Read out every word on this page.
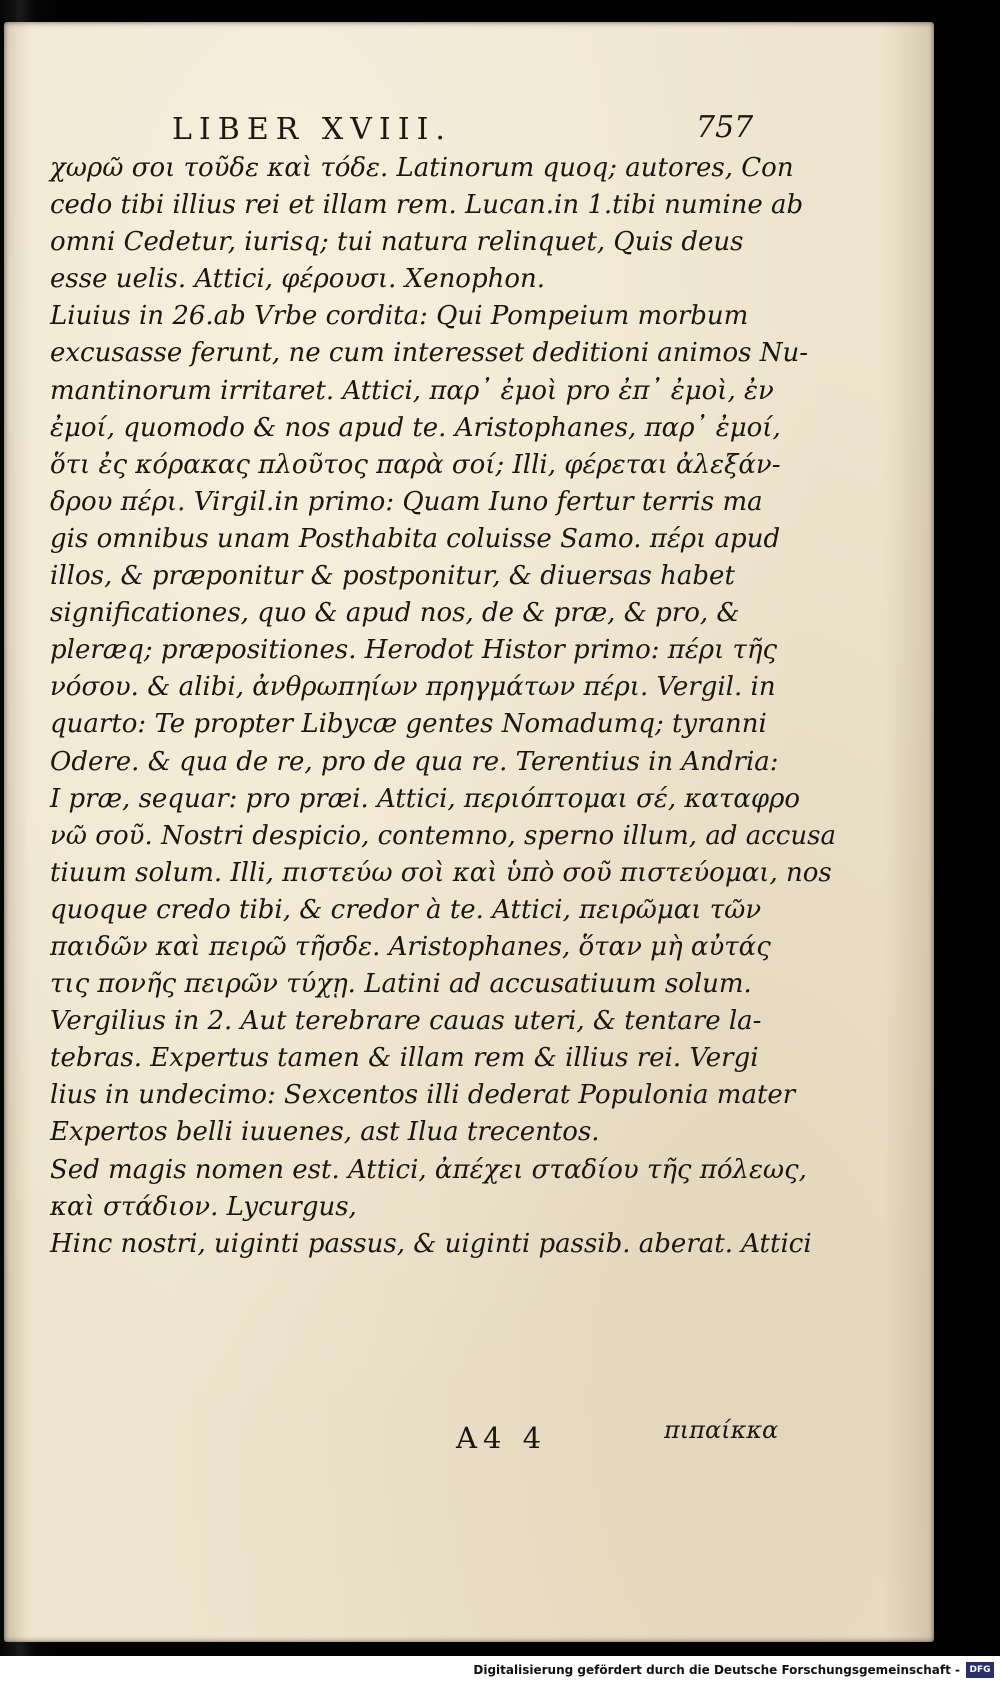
LIBER XVIII.	757
χωρῶ σοι τοῦδε καὶ τόδε. Latinorum quoq; autores, Con
cedo tibi illius rei et illam rem. Lucan.in 1.tibi numine ab
omni Cedetur, iurisq; tui natura relinquet, Quis deus
esse uelis. Attici, φέρουσι. Xenophon.
Liuius in 26.ab Vrbe cordita: Qui Pompeium morbum
excusasse ferunt, ne cum interesset deditioni animos Nu-
mantinorum irritaret. Attici, παρ᾽ ἐμοὶ pro ἐπ᾽ ἐμοὶ, ἐν
ἐμοί, quomodo & nos apud te. Aristophanes, παρ᾽ ἐμοί,
ὅτι ἐς κόρακας πλοῦτος παρὰ σοί; Illi, φέρεται ἀλεξάν-
δρου πέρι. Virgil.in primo: Quam Iuno fertur terris ma
gis omnibus unam Posthabita coluisse Samo. πέρι apud
illos, & præponitur & postponitur, & diuersas habet
significationes, quo & apud nos, de & præ, & pro, &
pleræq; præpositiones. Herodot Histor primo: πέρι τῆς
νόσου. & alibi, ἀνθρωπηίων πρηγμάτων πέρι. Vergil. in
quarto: Te propter Libycæ gentes Nomadumq; tyranni
Odere. & qua de re, pro de qua re. Terentius in Andria:
I præ, sequar: pro præi. Attici, περιόπτομαι σέ, καταφρο
νῶ σοῦ. Nostri despicio, contemno, sperno illum, ad accusa
tiuum solum. Illi, πιστεύω σοὶ καὶ ὑπὸ σοῦ πιστεύομαι, nos
quoque credo tibi, & credor à te. Attici, πειρῶμαι τῶν
παιδῶν καὶ πειρῶ τῆσδε. Aristophanes, ὅταν μὴ αὐτάς
τις πονῆς πειρῶν τύχῃ. Latini ad accusatiuum solum.
Vergilius in 2. Aut terebrare cauas uteri, & tentare la-
tebras. Expertus tamen & illam rem & illius rei. Vergi
lius in undecimo: Sexcentos illi dederat Populonia mater
Expertos belli iuuenes, ast Ilua trecentos.
Sed magis nomen est. Attici, ἀπέχει σταδίου τῆς πόλεως,
καὶ στάδιον. Lycurgus,
Hinc nostri, uiginti passus, & uiginti passib. aberat. Attici
A4 4	πιπαίκκα
Digitalisierung gefördert durch die Deutsche Forschungsgemeinschaft -	DFG
